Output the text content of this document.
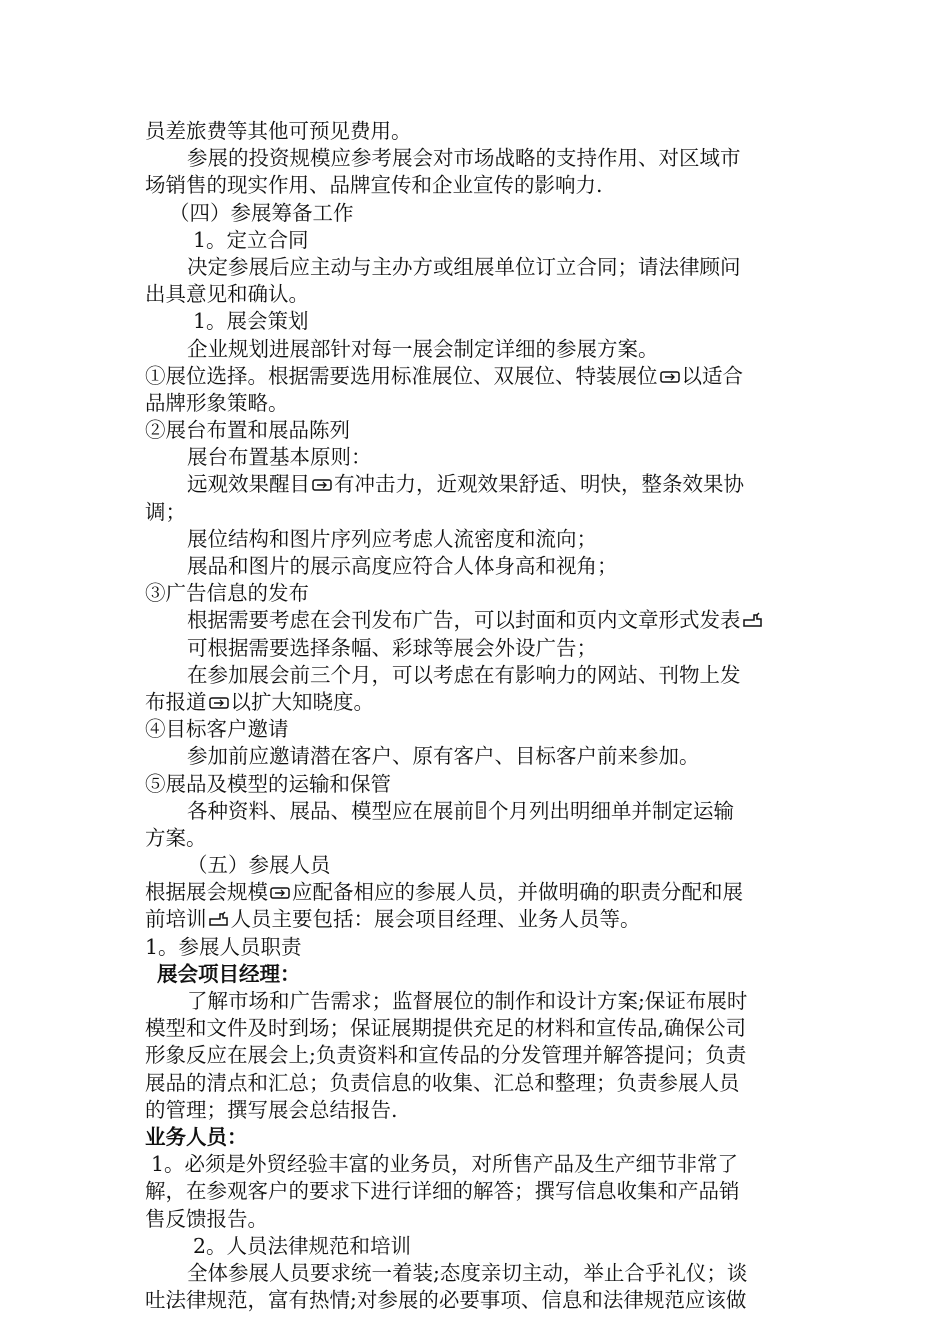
员差旅费等其他可预见费用。
参展的投资规模应参考展会对市场战略的支持作用、对区域市
场销售的现实作用、品牌宣传和企业宣传的影响力.
（四）参展筹备工作
1。定立合同
决定参展后应主动与主办方或组展单位订立合同；请法律顾问
出具意见和确认。
1。展会策划
企业规划进展部针对每一展会制定详细的参展方案。
①展位选择。根据需要选用标准展位、双展位、特装展位 以适合
品牌形象策略。
②展台布置和展品陈列
展台布置基本原则：
远观效果醒目 有冲击力，近观效果舒适、明快，整条效果协
调；
展位结构和图片序列应考虑人流密度和流向；
展品和图片的展示高度应符合人体身高和视角；
③广告信息的发布
根据需要考虑在会刊发布广告，可以封面和页内文章形式发表
可根据需要选择条幅、彩球等展会外设广告；
在参加展会前三个月，可以考虑在有影响力的网站、刊物上发
布报道 以扩大知晓度。
④目标客户邀请
参加前应邀请潜在客户、原有客户、目标客户前来参加。
⑤展品及模型的运输和保管
各种资料、展品、模型应在展前 个月列出明细单并制定运输
方案。
（五）参展人员
根据展会规模 应配备相应的参展人员，并做明确的职责分配和展
前培训 人员主要包括：展会项目经理、业务人员等。
1。参展人员职责
展会项目经理：
了解市场和广告需求；监督展位的制作和设计方案;保证布展时
模型和文件及时到场；保证展期提供充足的材料和宣传品,确保公司
形象反应在展会上;负责资料和宣传品的分发管理并解答提问；负责
展品的清点和汇总；负责信息的收集、汇总和整理；负责参展人员
的管理；撰写展会总结报告.
业务人员：
1。必须是外贸经验丰富的业务员，对所售产品及生产细节非常了
解，在参观客户的要求下进行详细的解答；撰写信息收集和产品销
售反馈报告。
2。人员法律规范和培训
全体参展人员要求统一着装;态度亲切主动，举止合乎礼仪；谈
吐法律规范，富有热情;对参展的必要事项、信息和法律规范应该做
